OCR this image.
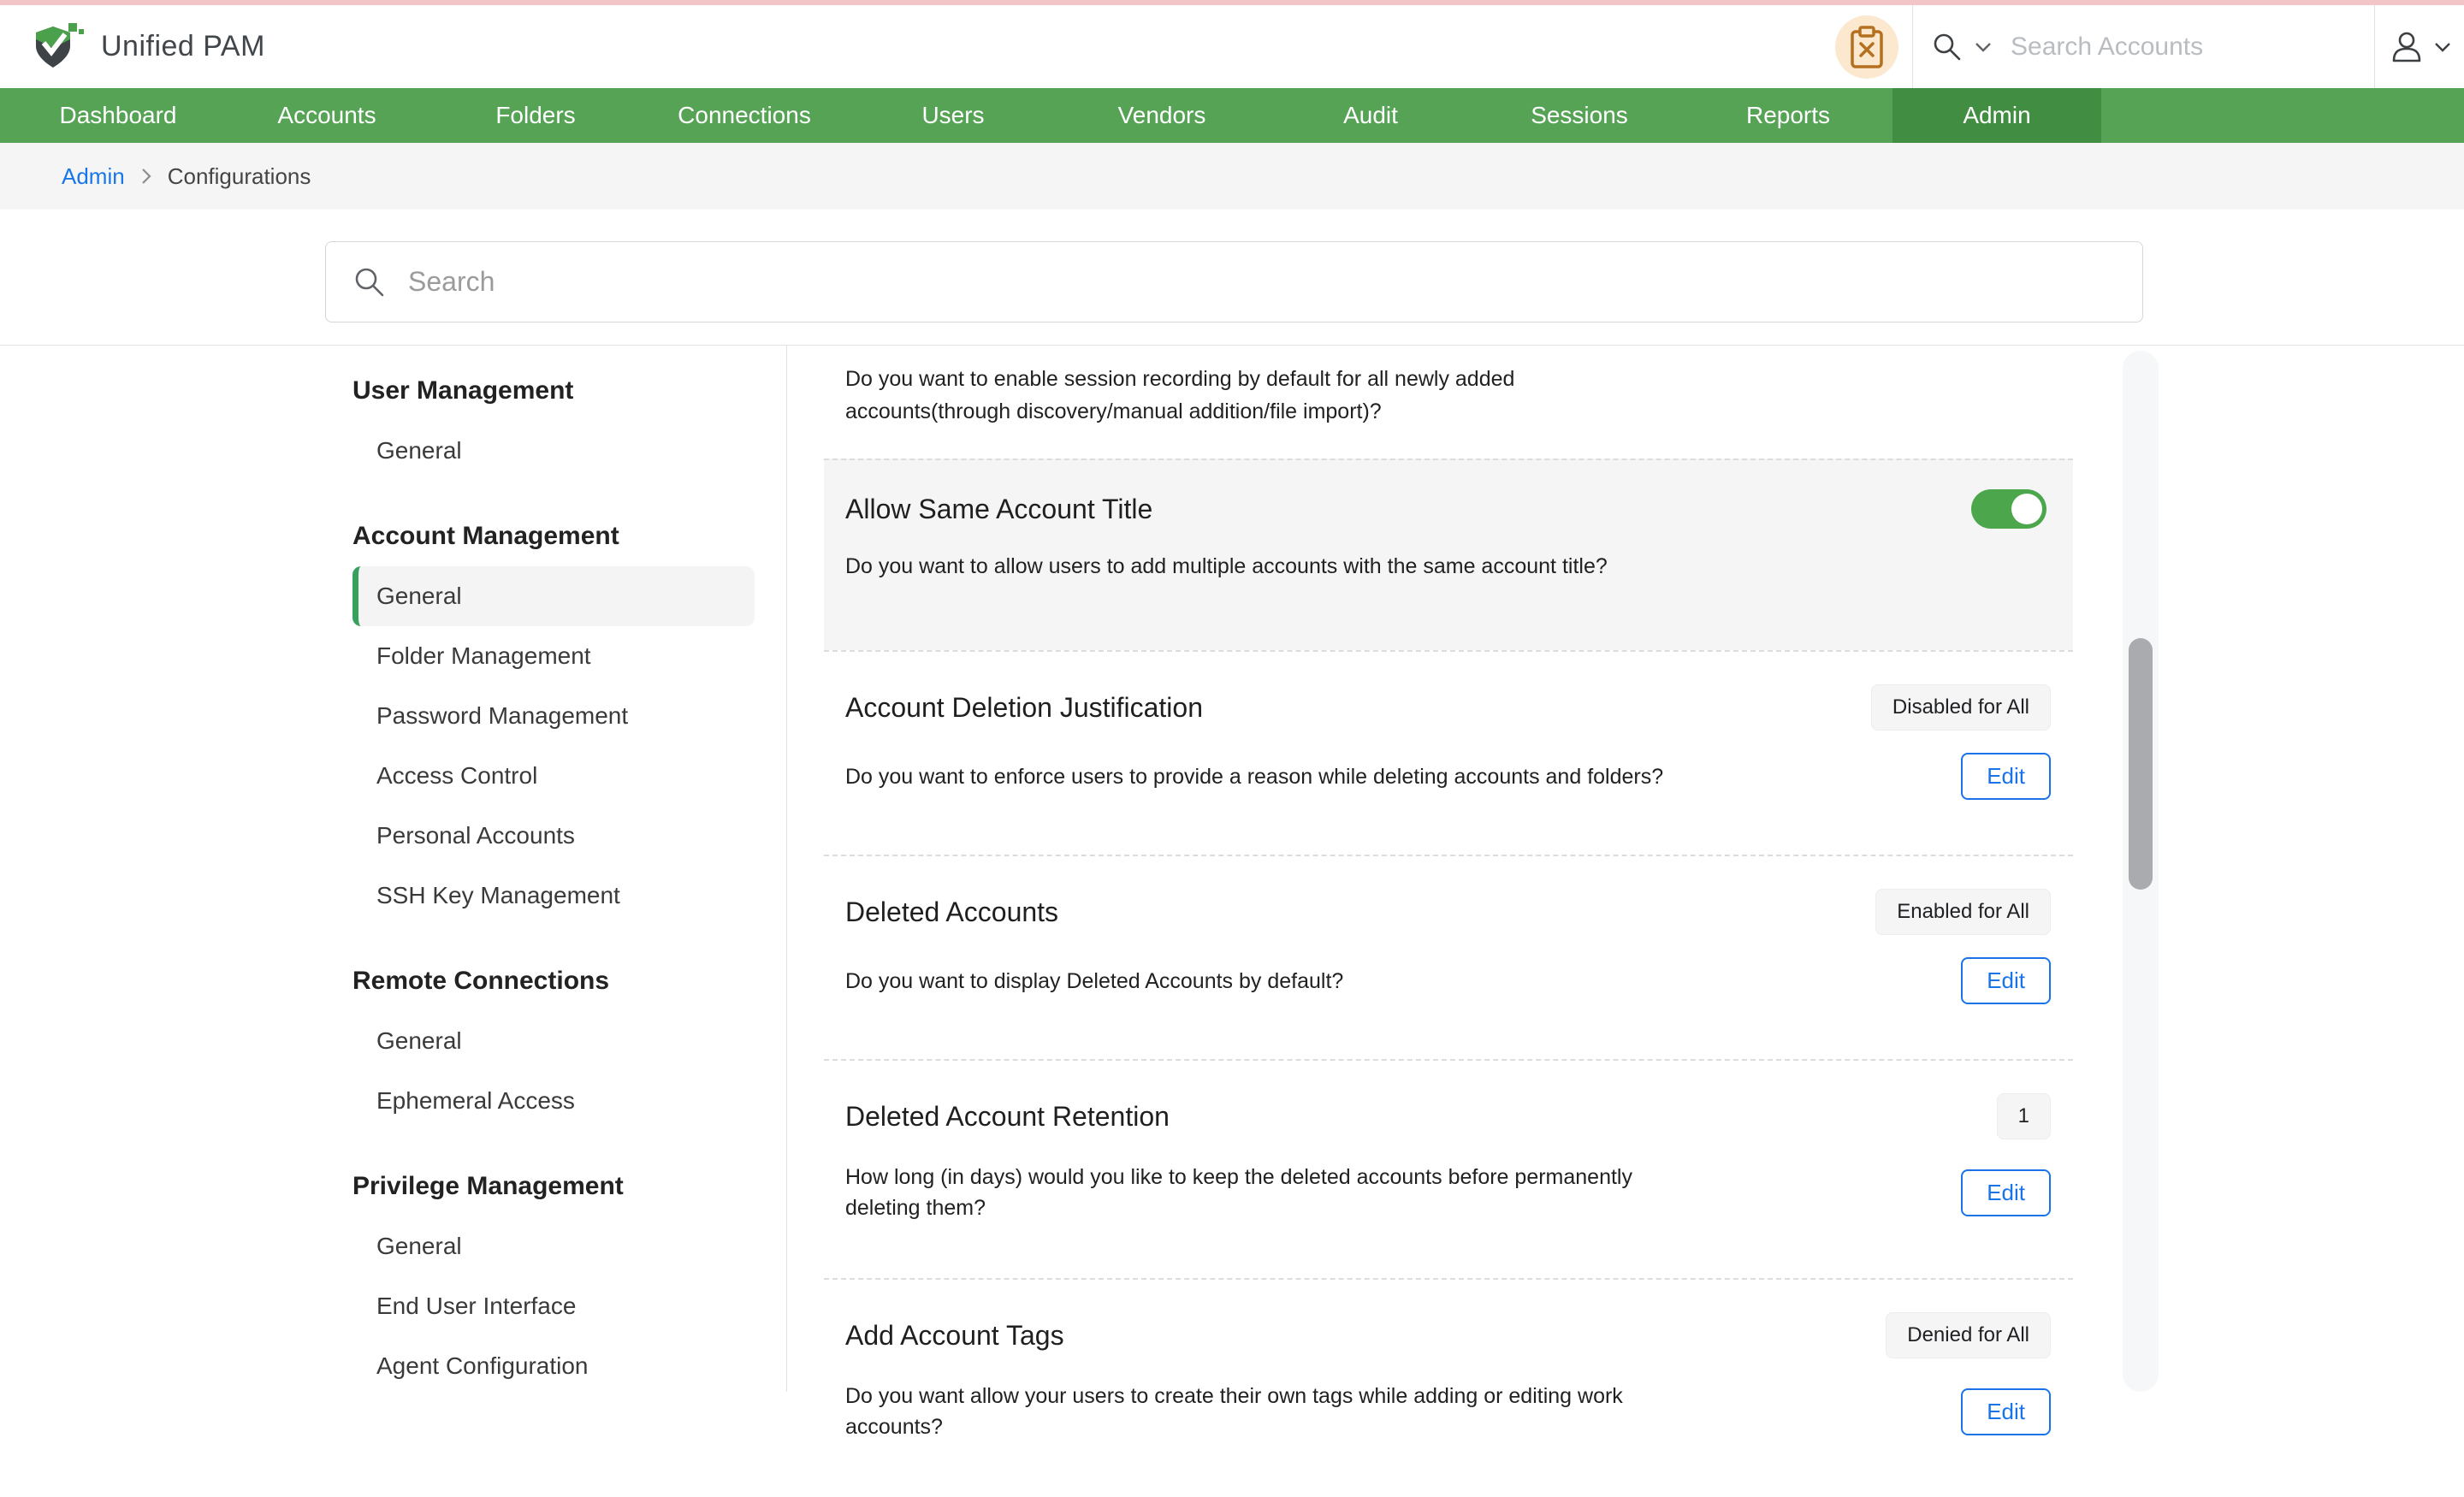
Unified PAM
Search Accounts
Dashboard	Accounts	Folders	Connections	Users	Vendors	Audit	Sessions	Reports	Admin
Admin Configurations
Search
User Management
General
Account Management
General
Folder Management
Password Management
Access Control
Personal Accounts
SSH Key Management
Remote Connections
General
Ephemeral Access
Privilege Management
General
End User Interface
Agent Configuration

Do you want to enable session recording by default for all newly added accounts(through discovery/manual addition/file import)?

Allow Same Account Title

Do you want to allow users to add multiple accounts with the same account title?

Account Deletion Justification	Disabled for All

Do you want to enforce users to provide a reason while deleting accounts and folders?	Edit
Deleted Accounts	Enabled for All

Do you want to display Deleted Accounts by default?	Edit
Deleted Account Retention	1

How long (in days) would you like to keep the deleted accounts before permanently deleting them?

Edit
Add Account Tags	Denied for All

Do you want allow your users to create their own tags while adding or editing work accounts?

Edit
